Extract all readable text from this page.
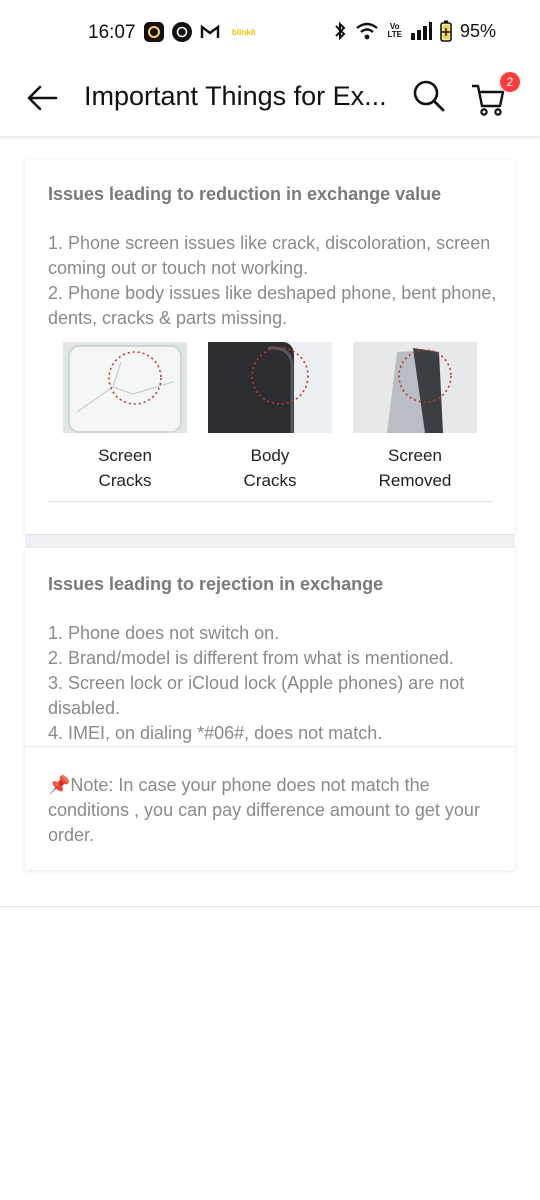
16:07	blinkit
Vo
LTE	95%
Important Things for Ex...	2
Issues leading to reduction in exchange value
1. Phone screen issues like crack, discoloration, screen coming out or touch not working.
2. Phone body issues like deshaped phone, bent phone, dents, cracks & parts missing.
Screen
Cracks
Body
Cracks
Screen
Removed
Issues leading to rejection in exchange
1. Phone does not switch on.
2. Brand/model is different from what is mentioned.
3. Screen lock or iCloud lock (Apple phones) are not disabled.
4. IMEI, on dialing *#06#, does not match.
📌Note: In case your phone does not match the conditions , you can pay difference amount to get your order.
